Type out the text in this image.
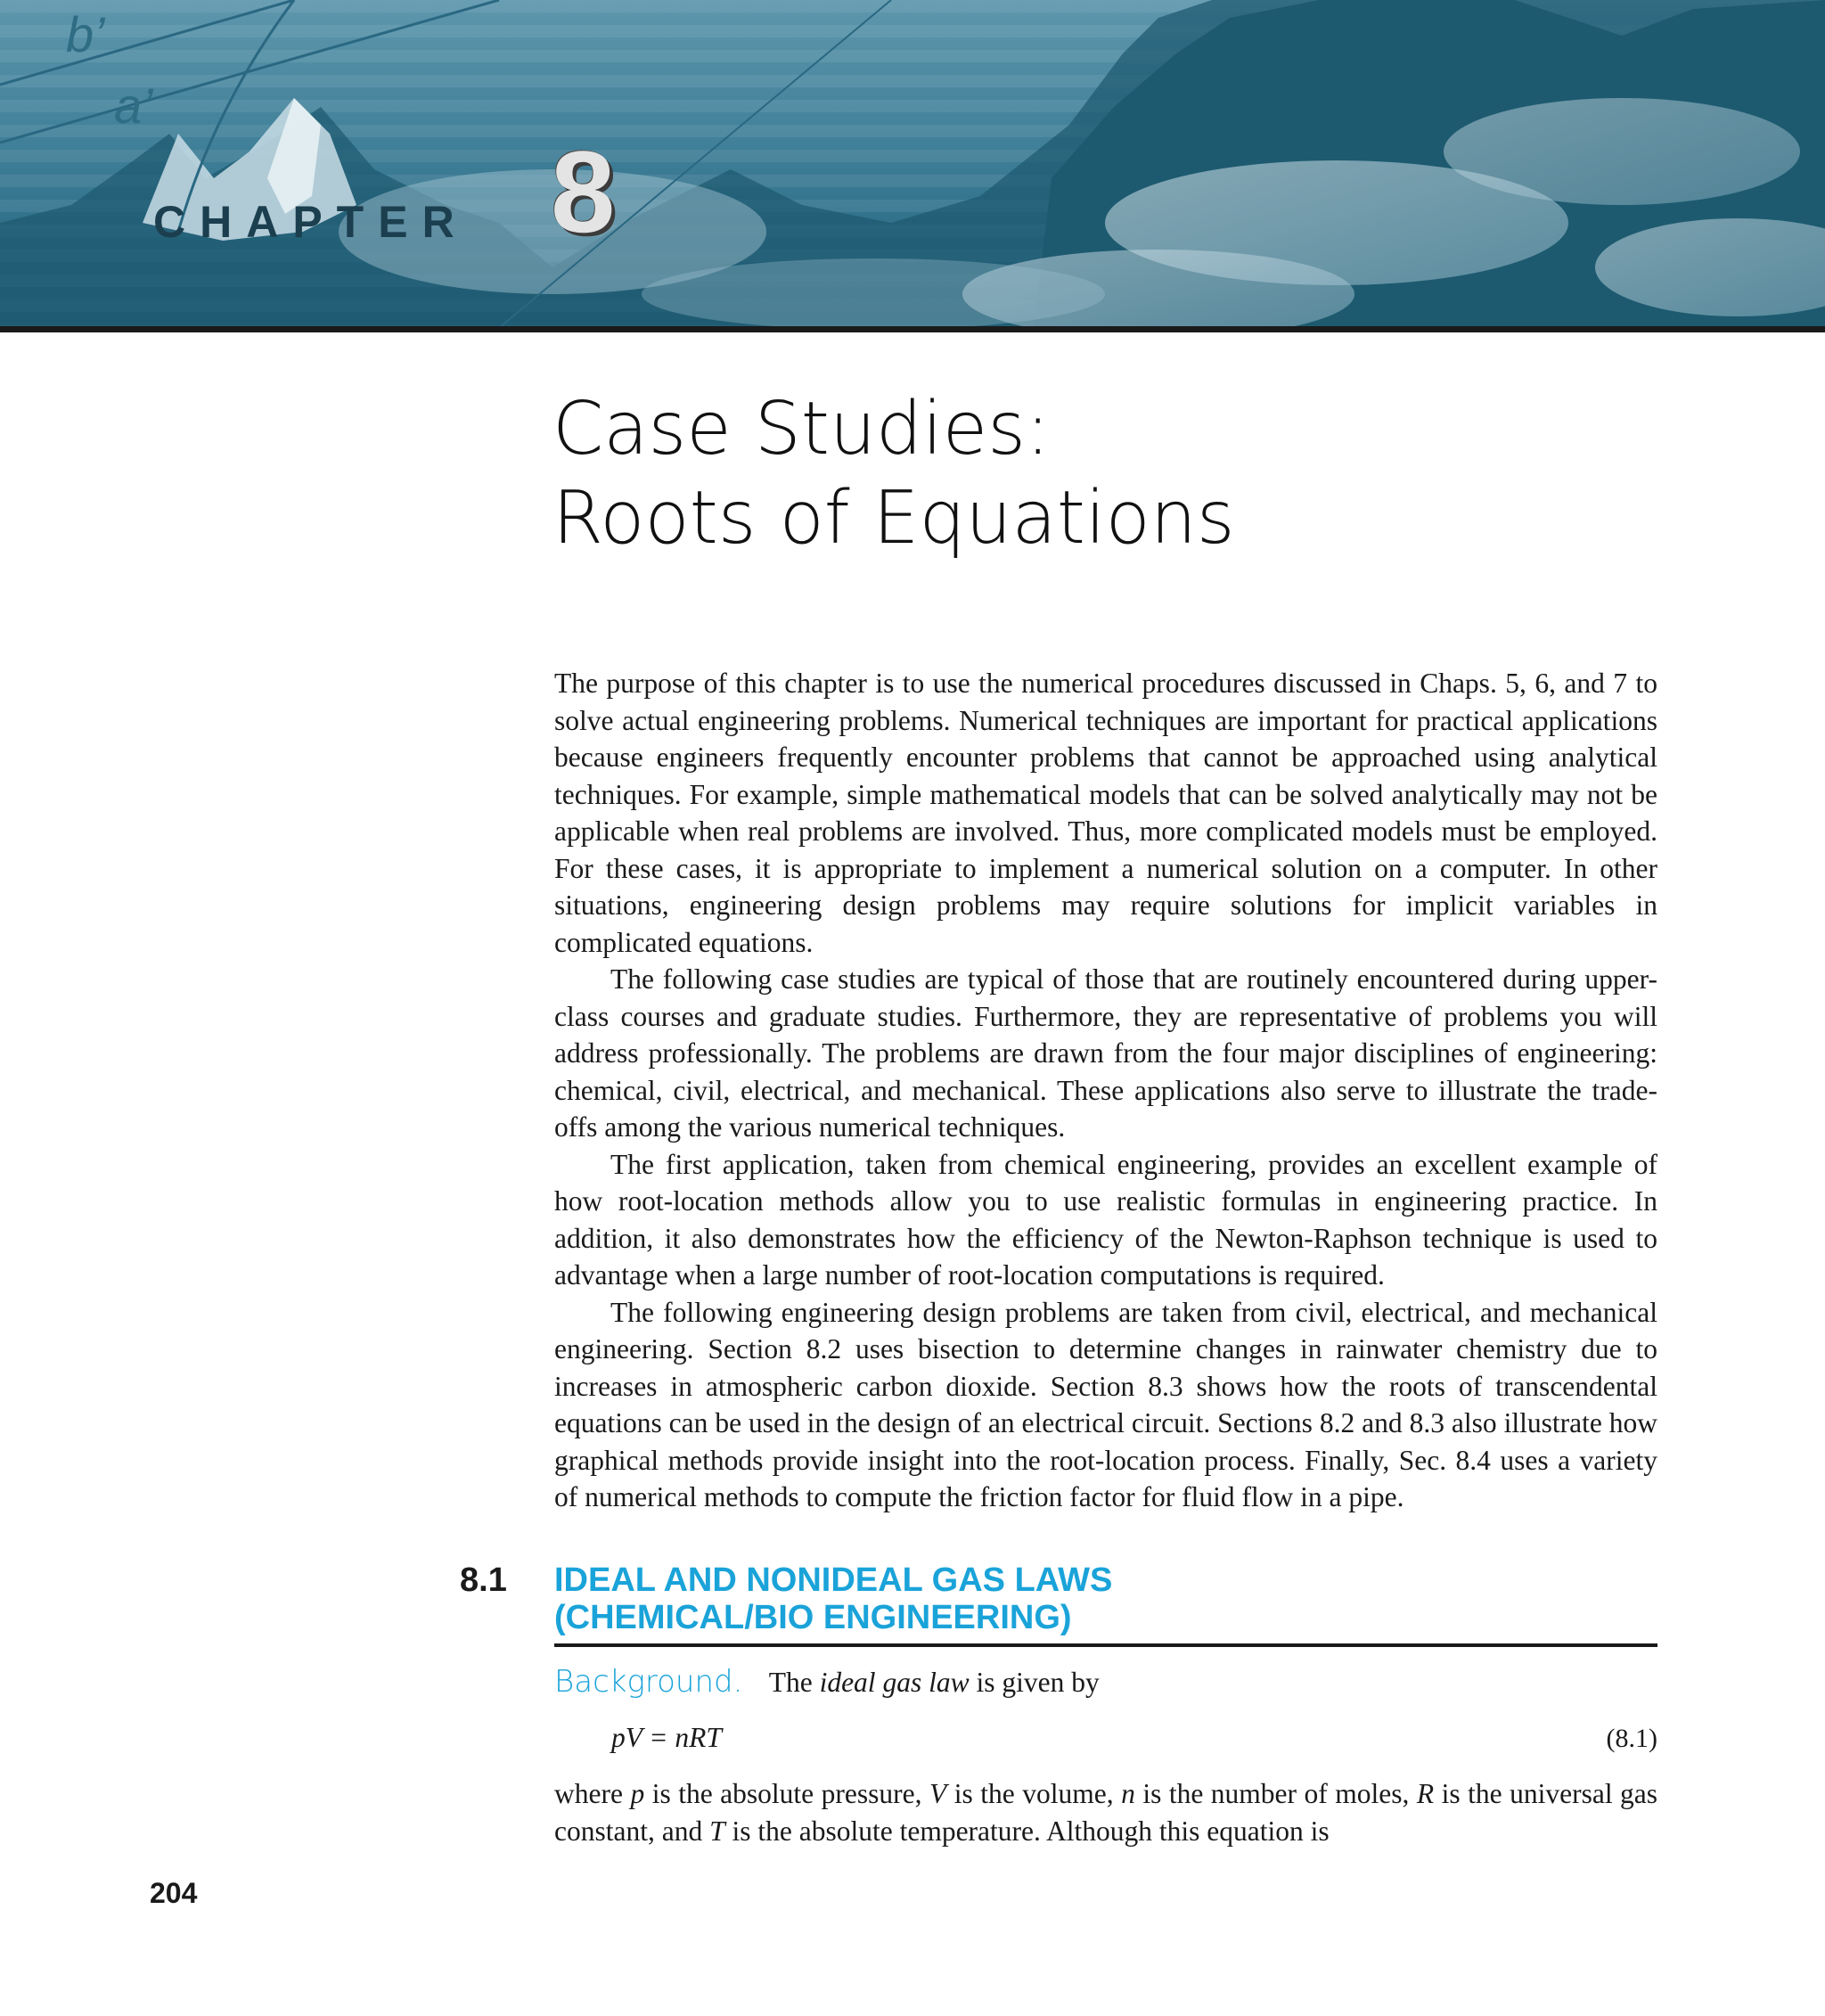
b’
a’
CHAPTER 8
Case Studies:
Roots of Equations

The purpose of this chapter is to use the numerical procedures discussed in Chaps. 5, 6, and 7 to solve actual engineering problems. Numerical techniques are important for practical applications because engineers frequently encounter problems that cannot be approached using analytical techniques. For example, simple mathematical models that can be solved analytically may not be applicable when real problems are involved. Thus, more complicated models must be employed. For these cases, it is appropriate to implement a numerical solution on a computer. In other situations, engineering design problems may require solutions for implicit variables in complicated equations.

The following case studies are typical of those that are routinely encountered during upper-class courses and graduate studies. Furthermore, they are representative of problems you will address professionally. The problems are drawn from the four major disciplines of engineering: chemical, civil, electrical, and mechanical. These applications also serve to illustrate the trade-offs among the various numerical techniques.

The first application, taken from chemical engineering, provides an excellent example of how root-location methods allow you to use realistic formulas in engineering practice. In addition, it also demonstrates how the efficiency of the Newton-Raphson technique is used to advantage when a large number of root-location computations is required.

The following engineering design problems are taken from civil, electrical, and mechanical engineering. Section 8.2 uses bisection to determine changes in rainwater chemistry due to increases in atmospheric carbon dioxide. Section 8.3 shows how the roots of transcendental equations can be used in the design of an electrical circuit. Sections 8.2 and 8.3 also illustrate how graphical methods provide insight into the root-location process. Finally, Sec. 8.4 uses a variety of numerical methods to compute the friction factor for fluid flow in a pipe.

8.1 IDEAL AND NONIDEAL GAS LAWS
(CHEMICAL/BIO ENGINEERING)
Background. The ideal gas law is given by
pV = nRT	(8.1)

where p is the absolute pressure, V is the volume, n is the number of moles, R is the universal gas constant, and T is the absolute temperature. Although this equation is

204
